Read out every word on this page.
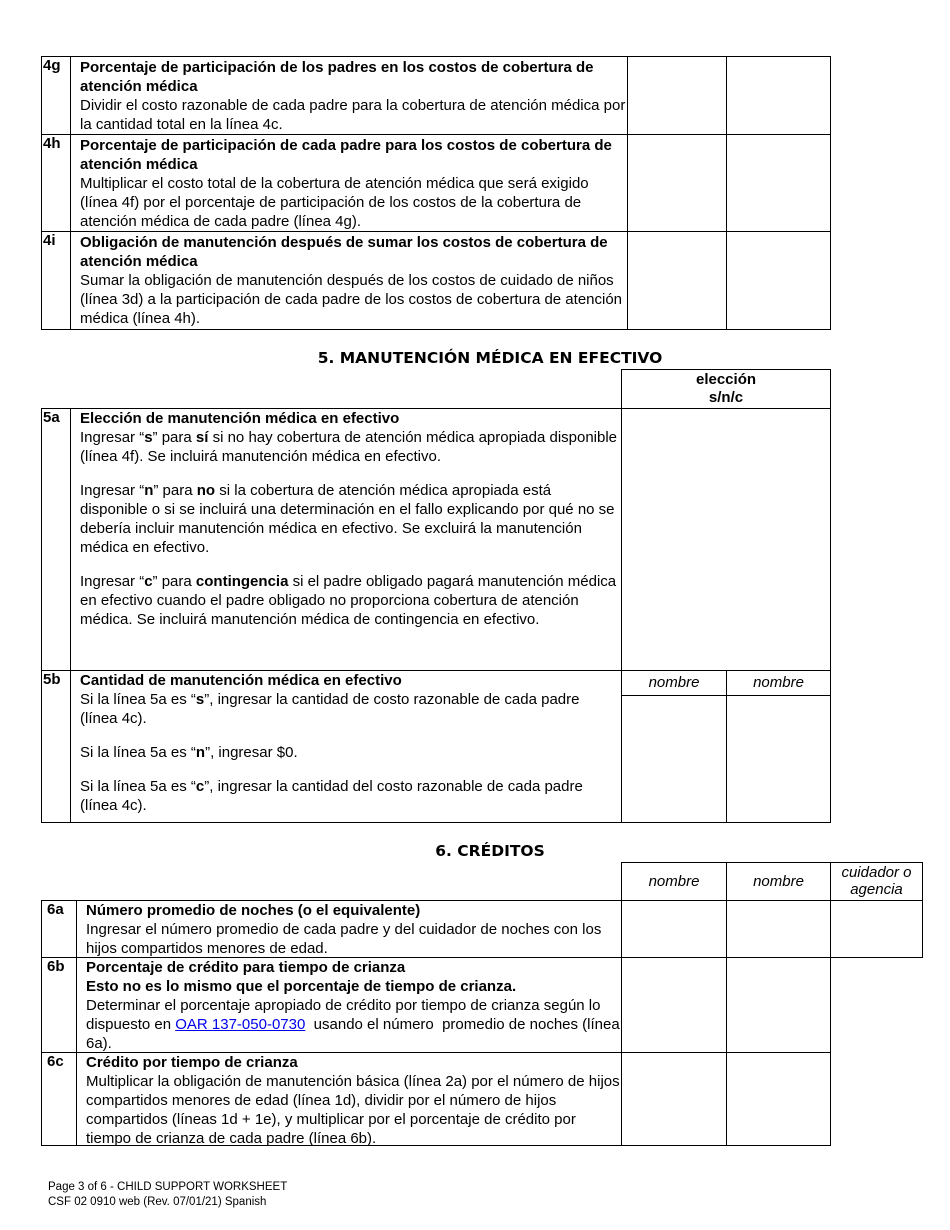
4g	Porcentaje de participación de los padres en los costos de cobertura de atención médica
Dividir el costo razonable de cada padre para la cobertura de atención médica por la cantidad total en la línea 4c.
4h	Porcentaje de participación de cada padre para los costos de cobertura de atención médica
Multiplicar el costo total de la cobertura de atención médica que será exigido (línea 4f) por el porcentaje de participación de los costos de la cobertura de atención médica de cada padre (línea 4g).
4i	Obligación de manutención después de sumar los costos de cobertura de atención médica
Sumar la obligación de manutención después de los costos de cuidado de niños (línea 3d) a la participación de cada padre de los costos de cobertura de atención médica (línea 4h).
5. MANUTENCIÓN MÉDICA EN EFECTIVO
elección s/n/c
5a	Elección de manutención médica en efectivo
Ingresar “s” para sí si no hay cobertura de atención médica apropiada disponible (línea 4f). Se incluirá manutención médica en efectivo.
Ingresar “n” para no si la cobertura de atención médica apropiada está disponible o si se incluirá una determinación en el fallo explicando por qué no se debería incluir manutención médica en efectivo. Se excluirá la manutención médica en efectivo.
Ingresar “c” para contingencia si el padre obligado pagará manutención médica en efectivo cuando el padre obligado no proporciona cobertura de atención médica. Se incluirá manutención médica de contingencia en efectivo.
5b	Cantidad de manutención médica en efectivo
Si la línea 5a es “s”, ingresar la cantidad de costo razonable de cada padre (línea 4c).
Si la línea 5a es “n”, ingresar $0.
Si la línea 5a es “c”, ingresar la cantidad del costo razonable de cada padre (línea 4c).
nombre	nombre
6. CRÉDITOS
nombre	nombre
cuidador o agencia
6a	Número promedio de noches (o el equivalente)
Ingresar el número promedio de cada padre y del cuidador de noches con los hijos compartidos menores de edad.
6b	Porcentaje de crédito para tiempo de crianza
Esto no es lo mismo que el porcentaje de tiempo de crianza.
Determinar el porcentaje apropiado de crédito por tiempo de crianza según lo dispuesto en OAR 137-050-0730  usando el número  promedio de noches (línea 6a).
6c	Crédito por tiempo de crianza
Multiplicar la obligación de manutención básica (línea 2a) por el número de hijos compartidos menores de edad (línea 1d), dividir por el número de hijos compartidos (líneas 1d + 1e), y multiplicar por el porcentaje de crédito por tiempo de crianza de cada padre (línea 6b).
Page 3 of 6 - CHILD SUPPORT WORKSHEET
CSF 02 0910 web (Rev. 07/01/21) Spanish
